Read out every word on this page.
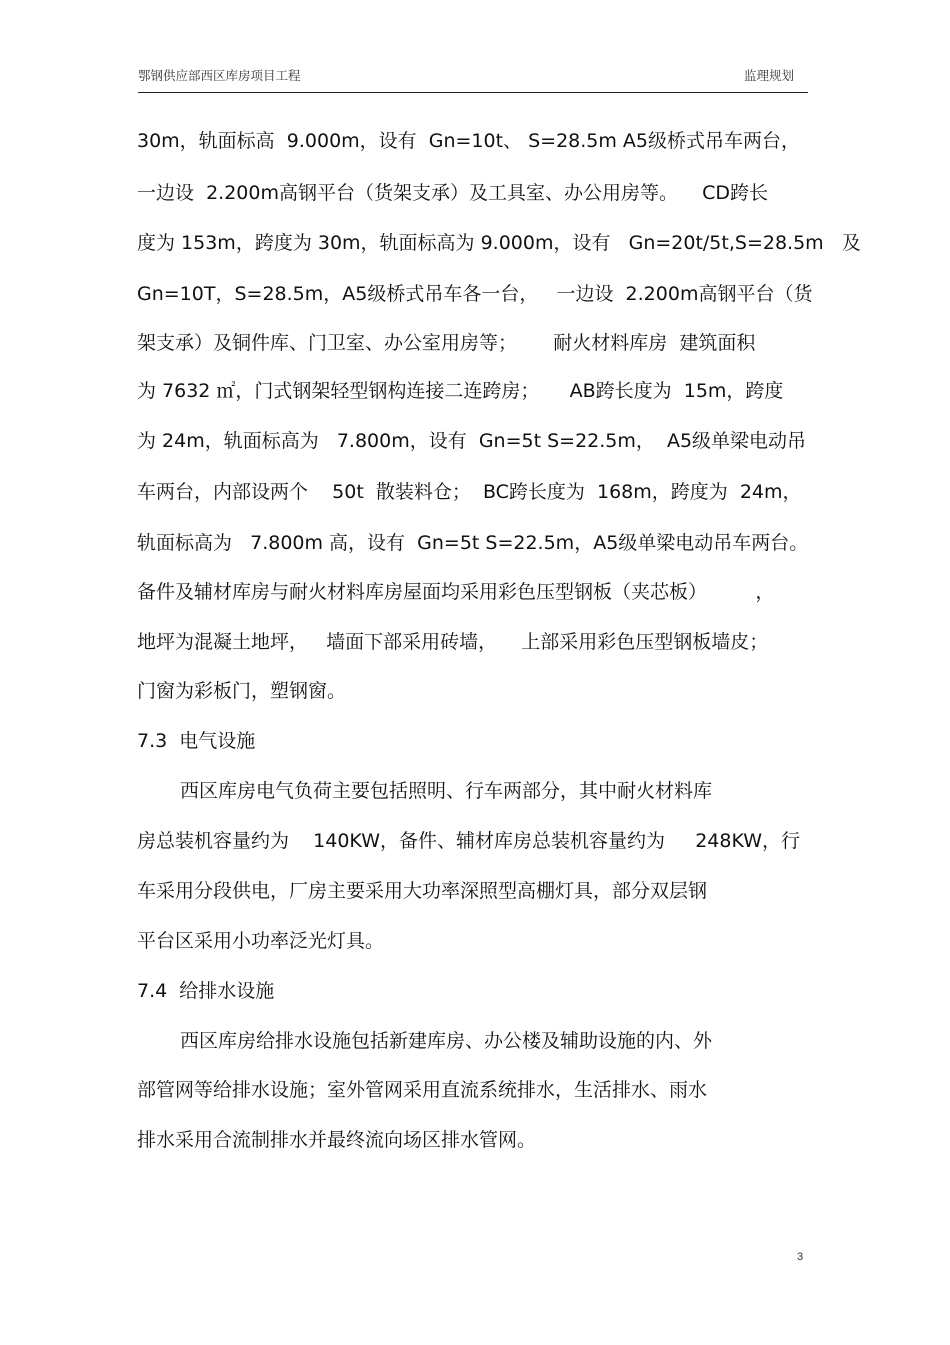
鄂钢供应部西区库房项目工程	监理规划
30m，轨面标高  9.000m，设有  Gn=10t、 S=28.5m A5级桥式吊车两台，
一边设  2.200m高钢平台（货架支承）及工具室、办公用房等。    CD跨长
度为 153m，跨度为 30m，轨面标高为 9.000m，设有   Gn=20t/5t,S=28.5m   及
Gn=10T，S=28.5m，A5级桥式吊车各一台，   一边设  2.200m高钢平台（货
架支承）及铜件库、门卫室、办公室用房等；      耐火材料库房  建筑面积
为 7632 ㎡，门式钢架轻型钢构连接二连跨房；     AB跨长度为  15m，跨度
为 24m，轨面标高为   7.800m，设有  Gn=5t S=22.5m，  A5级单梁电动吊
车两台，内部设两个    50t  散装料仓；  BC跨长度为  168m，跨度为  24m，
轨面标高为   7.800m 高，设有  Gn=5t S=22.5m，A5级单梁电动吊车两台。
备件及辅材库房与耐火材料库房屋面均采用彩色压型钢板（夹芯板）        ，
地坪为混凝土地坪，   墙面下部采用砖墙，    上部采用彩色压型钢板墙皮；
门窗为彩板门，塑钢窗。
7.3  电气设施
西区库房电气负荷主要包括照明、行车两部分，其中耐火材料库
房总装机容量约为    140KW，备件、辅材库房总装机容量约为     248KW，行
车采用分段供电，厂房主要采用大功率深照型高棚灯具，部分双层钢
平台区采用小功率泛光灯具。
7.4  给排水设施
西区库房给排水设施包括新建库房、办公楼及辅助设施的内、外
部管网等给排水设施；室外管网采用直流系统排水，生活排水、雨水
排水采用合流制排水并最终流向场区排水管网。
3
